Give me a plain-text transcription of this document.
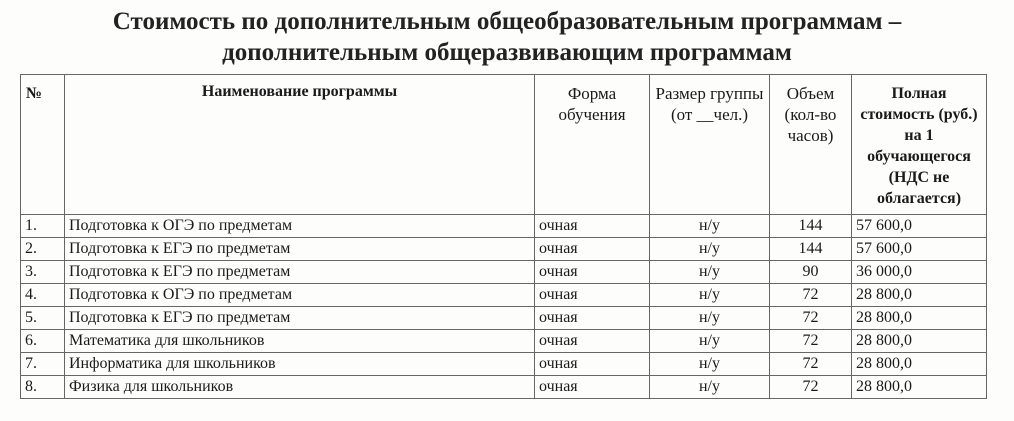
Стоимость по дополнительным общеобразовательным программам –
дополнительным общеразвивающим программам
№	Наименование программы	Форма обучения	Размер группы (от __чел.)	Объем (кол-во часов)	Полная стоимость (руб.) на 1 обучающегося (НДС не облагается)
1.	Подготовка к ОГЭ по предметам	очная	н/у	144	57 600,0
2.	Подготовка к ЕГЭ по предметам	очная	н/у	144	57 600,0
3.	Подготовка к ЕГЭ по предметам	очная	н/у	90	36 000,0
4.	Подготовка к ОГЭ по предметам	очная	н/у	72	28 800,0
5.	Подготовка к ЕГЭ по предметам	очная	н/у	72	28 800,0
6.	Математика для школьников	очная	н/у	72	28 800,0
7.	Информатика для школьников	очная	н/у	72	28 800,0
8.	Физика для школьников	очная	н/у	72	28 800,0
